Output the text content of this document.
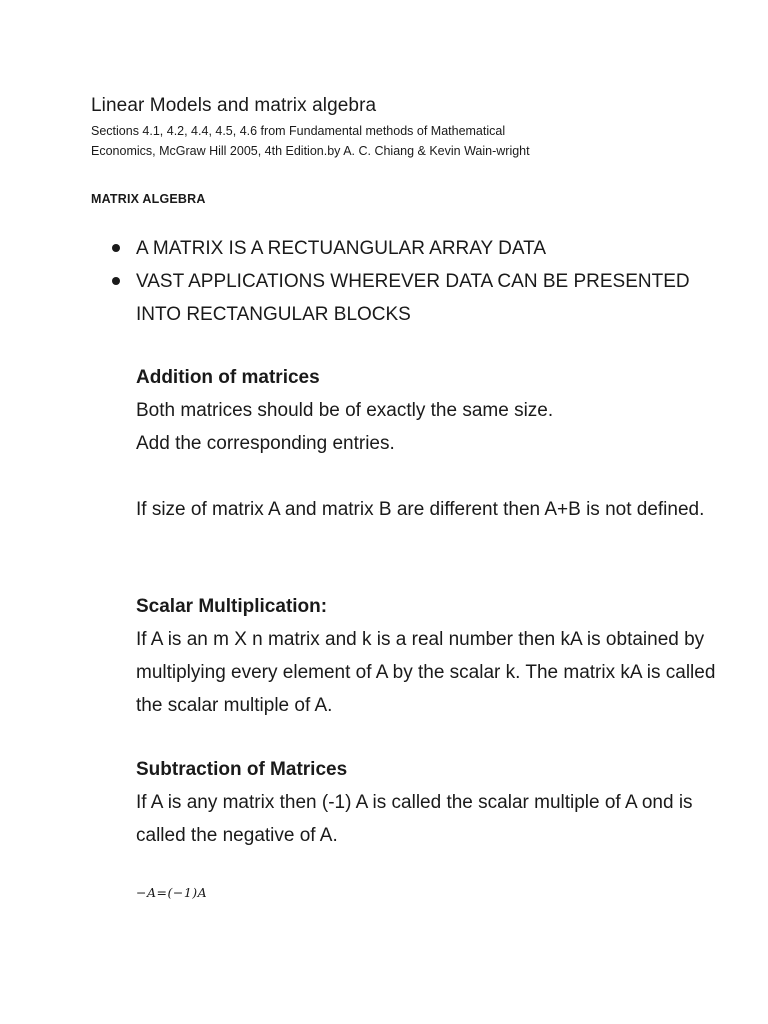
Linear Models and matrix algebra
Sections 4.1, 4.2, 4.4, 4.5, 4.6 from Fundamental methods of Mathematical
Economics, McGraw Hill 2005, 4th Edition.by A. C. Chiang & Kevin Wain-wright
MATRIX ALGEBRA
A MATRIX IS A RECTUANGULAR ARRAY DATA
VAST APPLICATIONS WHEREVER DATA CAN BE PRESENTED INTO RECTANGULAR BLOCKS
Addition of matrices
Both matrices should be of exactly the same size.
Add the corresponding entries.
If size of matrix A and matrix B are different then A+B is not defined.
Scalar Multiplication:
If A is an m X n matrix and k is a real number then kA is obtained by multiplying every element of A by the scalar k. The matrix kA is called the scalar multiple of A.
Subtraction of Matrices
If A is any matrix then (-1) A is called the scalar multiple of A ond is called the negative of A.
−A=(−1)A
